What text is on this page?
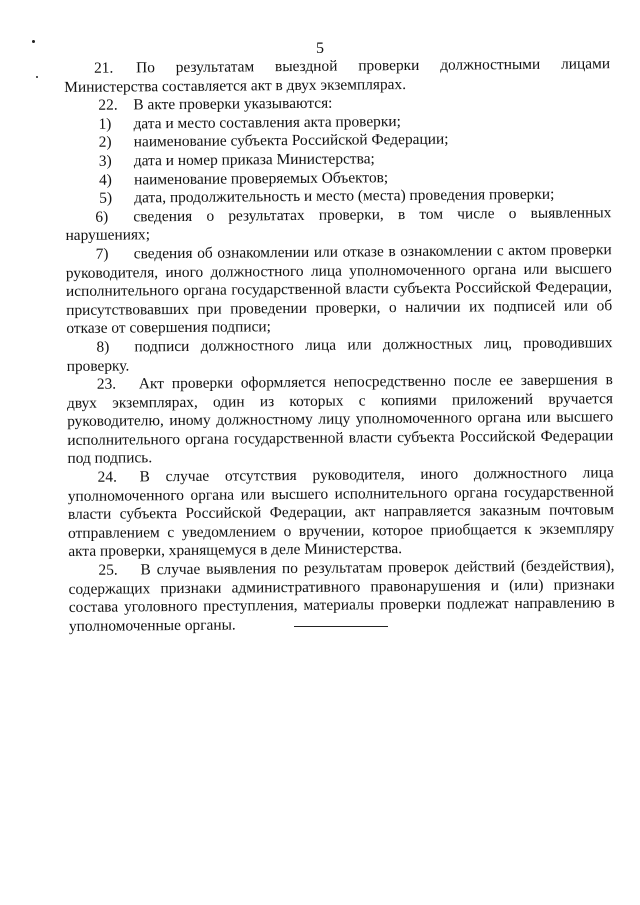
5

21. По результатам выездной проверки должностными лицами Министерства составляется акт в двух экземплярах.

22.	В акте проверки указываются:

1)	дата и место составления акта проверки;

2)	наименование субъекта Российской Федерации;

3)	дата и номер приказа Министерства;

4)	наименование проверяемых Объектов;

5)	дата, продолжительность и место (места) проведения проверки;

6) сведения о результатах проверки, в том числе о выявленных нарушениях;

7) сведения об ознакомлении или отказе в ознакомлении с актом проверки руководителя, иного должностного лица уполномоченного органа или высшего исполнительного органа государственной власти субъекта Российской Федерации, присутствовавших при проведении проверки, о наличии их подписей или об отказе от совершения подписи;

8) подписи должностного лица или должностных лиц, проводивших проверку.

23. Акт проверки оформляется непосредственно после ее завершения в двух экземплярах, один из которых с копиями приложений вручается руководителю, иному должностному лицу уполномоченного органа или высшего исполнительного органа государственной власти субъекта Российской Федерации под подпись.

24. В случае отсутствия руководителя, иного должностного лица уполномоченного органа или высшего исполнительного органа государственной власти субъекта Российской Федерации, акт направляется заказным почтовым отправлением с уведомлением о вручении, которое приобщается к экземпляру акта проверки, хранящемуся в деле Министерства.

25. В случае выявления по результатам проверок действий (бездействия), содержащих признаки административного правонарушения и (или) признаки состава уголовного преступления, материалы проверки подлежат направлению в уполномоченные органы.
